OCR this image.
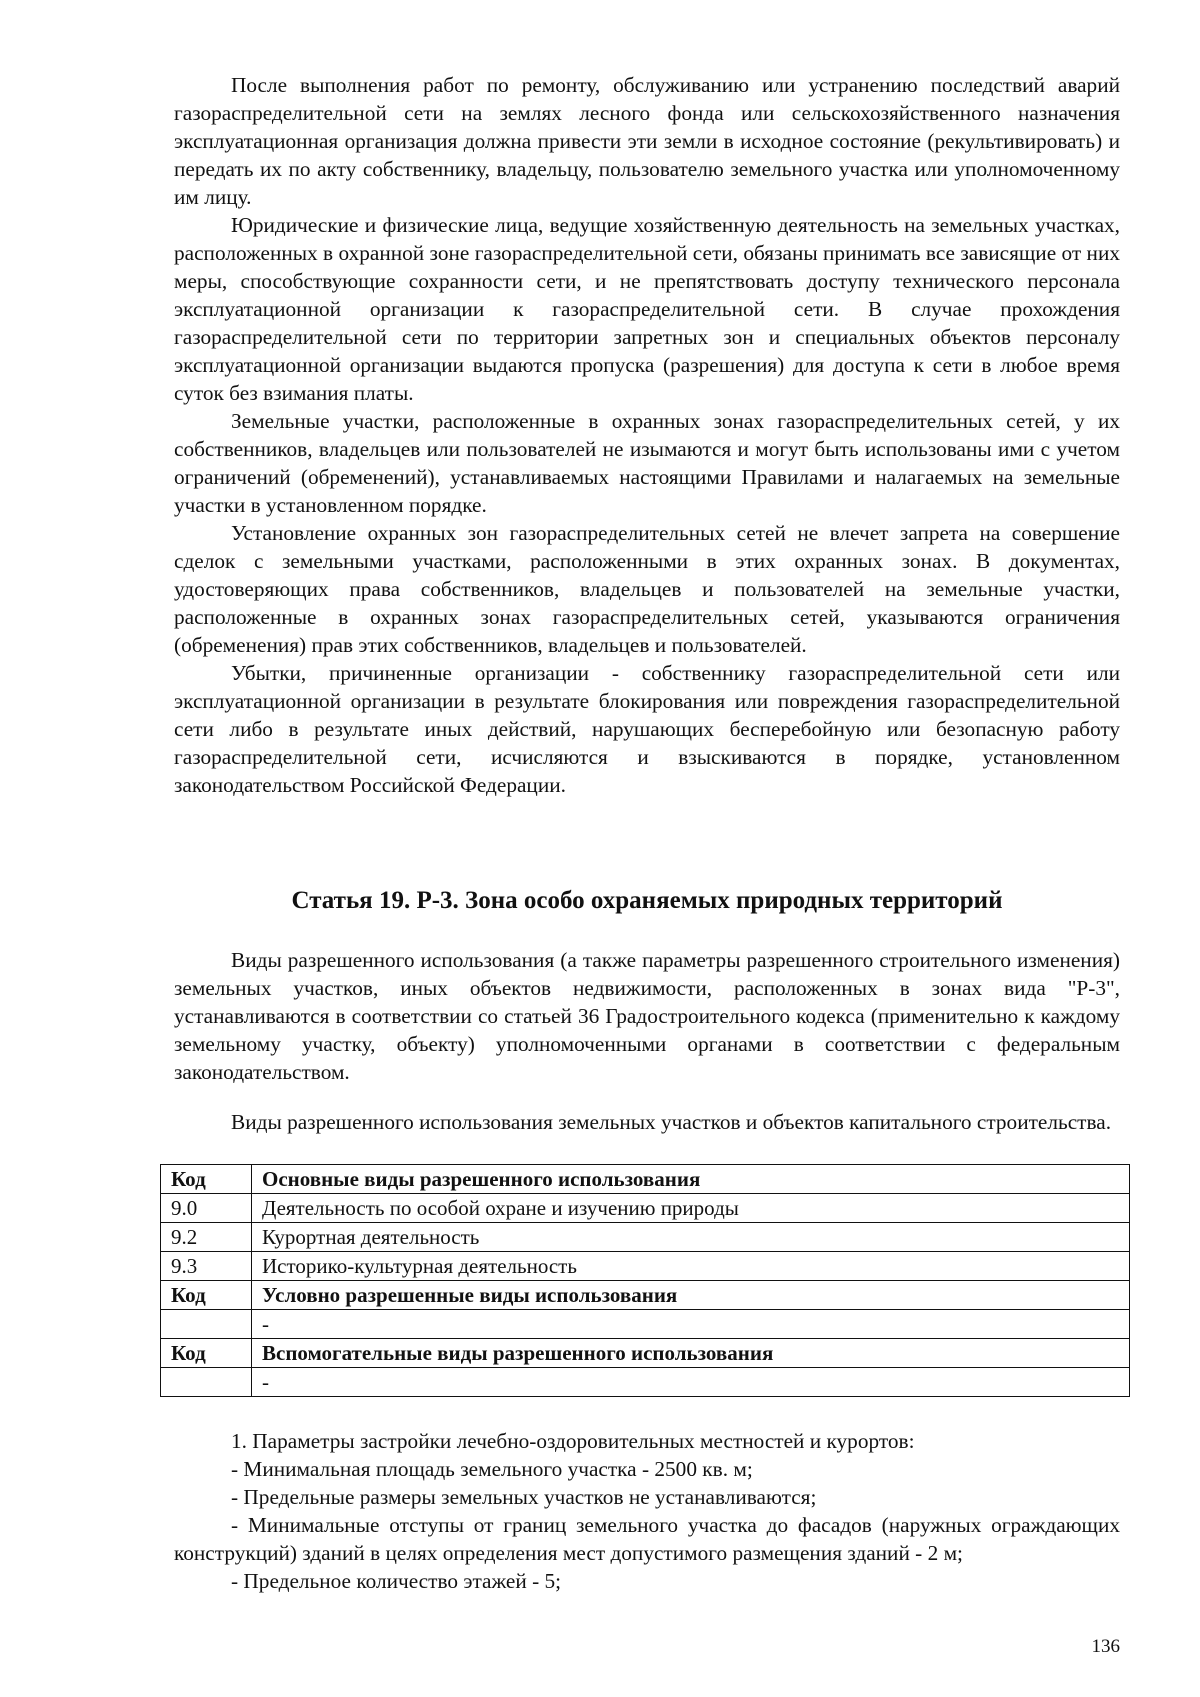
После выполнения работ по ремонту, обслуживанию или устранению последствий аварий газораспределительной сети на землях лесного фонда или сельскохозяйственного назначения эксплуатационная организация должна привести эти земли в исходное состояние (рекультивировать) и передать их по акту собственнику, владельцу, пользователю земельного участка или уполномоченному им лицу.

Юридические и физические лица, ведущие хозяйственную деятельность на земельных участках, расположенных в охранной зоне газораспределительной сети, обязаны принимать все зависящие от них меры, способствующие сохранности сети, и не препятствовать доступу технического персонала эксплуатационной организации к газораспределительной сети. В случае прохождения газораспределительной сети по территории запретных зон и специальных объектов персоналу эксплуатационной организации выдаются пропуска (разрешения) для доступа к сети в любое время суток без взимания платы.

Земельные участки, расположенные в охранных зонах газораспределительных сетей, у их собственников, владельцев или пользователей не изымаются и могут быть использованы ими с учетом ограничений (обременений), устанавливаемых настоящими Правилами и налагаемых на земельные участки в установленном порядке.

Установление охранных зон газораспределительных сетей не влечет запрета на совершение сделок с земельными участками, расположенными в этих охранных зонах. В документах, удостоверяющих права собственников, владельцев и пользователей на земельные участки, расположенные в охранных зонах газораспределительных сетей, указываются ограничения (обременения) прав этих собственников, владельцев и пользователей.

Убытки, причиненные организации - собственнику газораспределительной сети или эксплуатационной организации в результате блокирования или повреждения газораспределительной сети либо в результате иных действий, нарушающих бесперебойную или безопасную работу газораспределительной сети, исчисляются и взыскиваются в порядке, установленном законодательством Российской Федерации.

Статья 19. Р-3. Зона особо охраняемых природных территорий

Виды разрешенного использования (а также параметры разрешенного строительного изменения) земельных участков, иных объектов недвижимости, расположенных в зонах вида "Р-3", устанавливаются в соответствии со статьей 36 Градостроительного кодекса (применительно к каждому земельному участку, объекту) уполномоченными органами в соответствии с федеральным законодательством.

Виды разрешенного использования земельных участков и объектов капитального строительства.

Код	Основные виды разрешенного использования
9.0	Деятельность по особой охране и изучению природы
9.2	Курортная деятельность
9.3	Историко-культурная деятельность
Код	Условно разрешенные виды использования
	-
Код	Вспомогательные виды разрешенного использования
	-

1. Параметры застройки лечебно-оздоровительных местностей и курортов:

- Минимальная площадь земельного участка - 2500 кв. м;

- Предельные размеры земельных участков не устанавливаются;

- Минимальные отступы от границ земельного участка до фасадов (наружных ограждающих конструкций) зданий в целях определения мест допустимого размещения зданий - 2 м;

- Предельное количество этажей - 5;

136
